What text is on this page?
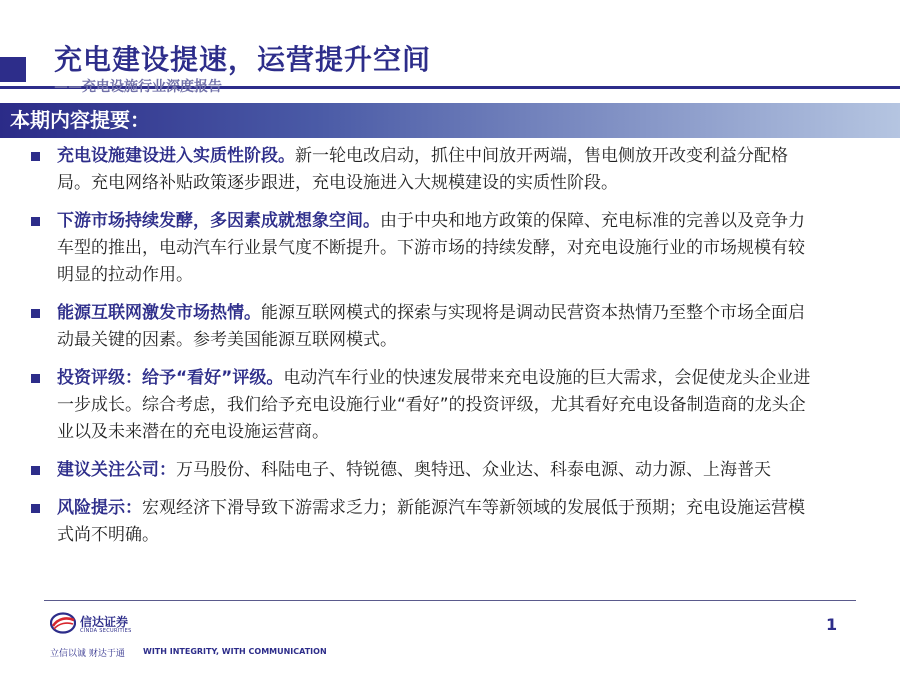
充电建设提速，运营提升空间
——充电设施行业深度报告
本期内容提要：
充电设施建设进入实质性阶段。新一轮电改启动，抓住中间放开两端，售电侧放开改变利益分配格局。充电网络补贴政策逐步跟进，充电设施进入大规模建设的实质性阶段。
下游市场持续发酵，多因素成就想象空间。由于中央和地方政策的保障、充电标准的完善以及竞争力车型的推出，电动汽车行业景气度不断提升。下游市场的持续发酵，对充电设施行业的市场规模有较明显的拉动作用。
能源互联网激发市场热情。能源互联网模式的探索与实现将是调动民营资本热情乃至整个市场全面启动最关键的因素。参考美国能源互联网模式。
投资评级：给予“看好”评级。电动汽车行业的快速发展带来充电设施的巨大需求，会促使龙头企业进一步成长。综合考虑，我们给予充电设施行业“看好”的投资评级，尤其看好充电设备制造商的龙头企业以及未来潜在的充电设施运营商。
建议关注公司：万马股份、科陆电子、特锐德、奥特迅、众业达、科泰电源、动力源、上海普天
风险提示：宏观经济下滑导致下游需求乏力；新能源汽车等新领域的发展低于预期；充电设施运营模式尚不明确。
信达证券
CINDA SECURITIES	1
立信以诚 财达于通 WITH INTEGRITY, WITH COMMUNICATION
